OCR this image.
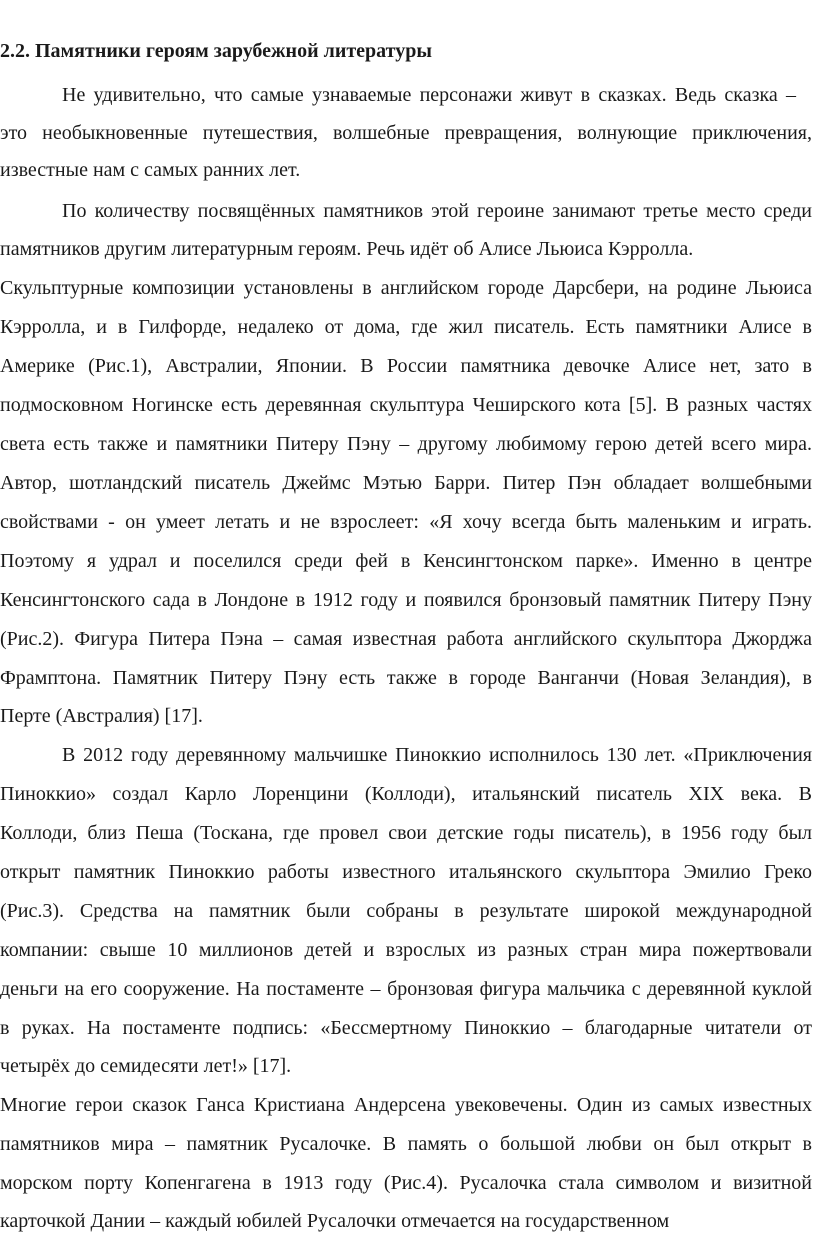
2.2. Памятники героям зарубежной литературы
Не удивительно, что самые узнаваемые персонажи живут в сказках. Ведь сказка –
это необыкновенные путешествия, волшебные превращения, волнующие приключения,
известные нам с самых ранних лет.
По количеству посвящённых памятников этой героине занимают третье место среди
памятников другим литературным героям. Речь идёт об Алисе Льюиса Кэрролла.
Скульптурные композиции установлены в английском городе Дарсбери, на родине Льюиса
Кэрролла, и в Гилфорде, недалеко от дома, где жил писатель. Есть памятники Алисе в
Америке (Рис.1), Австралии, Японии. В России памятника девочке Алисе нет, зато в
подмосковном Ногинске есть деревянная скульптура Чеширского кота [5]. В разных частях
света есть также и памятники Питеру Пэну – другому любимому герою детей всего мира.
Автор, шотландский писатель Джеймс Мэтью Барри. Питер Пэн обладает волшебными
свойствами - он умеет летать и не взрослеет: «Я хочу всегда быть маленьким и играть.
Поэтому я удрал и поселился среди фей в Кенсингтонском парке». Именно в центре
Кенсингтонского сада в Лондоне в 1912 году и появился бронзовый памятник Питеру Пэну
(Рис.2). Фигура Питера Пэна – самая известная работа английского скульптора Джорджа
Фрамптона. Памятник Питеру Пэну есть также в городе Ванганчи (Новая Зеландия), в
Перте (Австралия) [17].
В 2012 году деревянному мальчишке Пиноккио исполнилось 130 лет. «Приключения
Пиноккио» создал Карло Лоренцини (Коллоди), итальянский писатель XIX века. В
Коллоди, близ Пеша (Тоскана, где провел свои детские годы писатель), в 1956 году был
открыт памятник Пиноккио работы известного итальянского скульптора Эмилио Греко
(Рис.3). Средства на памятник были собраны в результате широкой международной
компании: свыше 10 миллионов детей и взрослых из разных стран мира пожертвовали
деньги на его сооружение. На постаменте – бронзовая фигура мальчика с деревянной куклой
в руках. На постаменте подпись: «Бессмертному Пиноккио – благодарные читатели от
четырёх до семидесяти лет!» [17].
Многие герои сказок Ганса Кристиана Андерсена увековечены. Один из самых известных
памятников мира – памятник Русалочке. В память о большой любви он был открыт в
морском порту Копенгагена в 1913 году (Рис.4). Русалочка стала символом и визитной
карточкой Дании – каждый юбилей Русалочки отмечается на государственном
